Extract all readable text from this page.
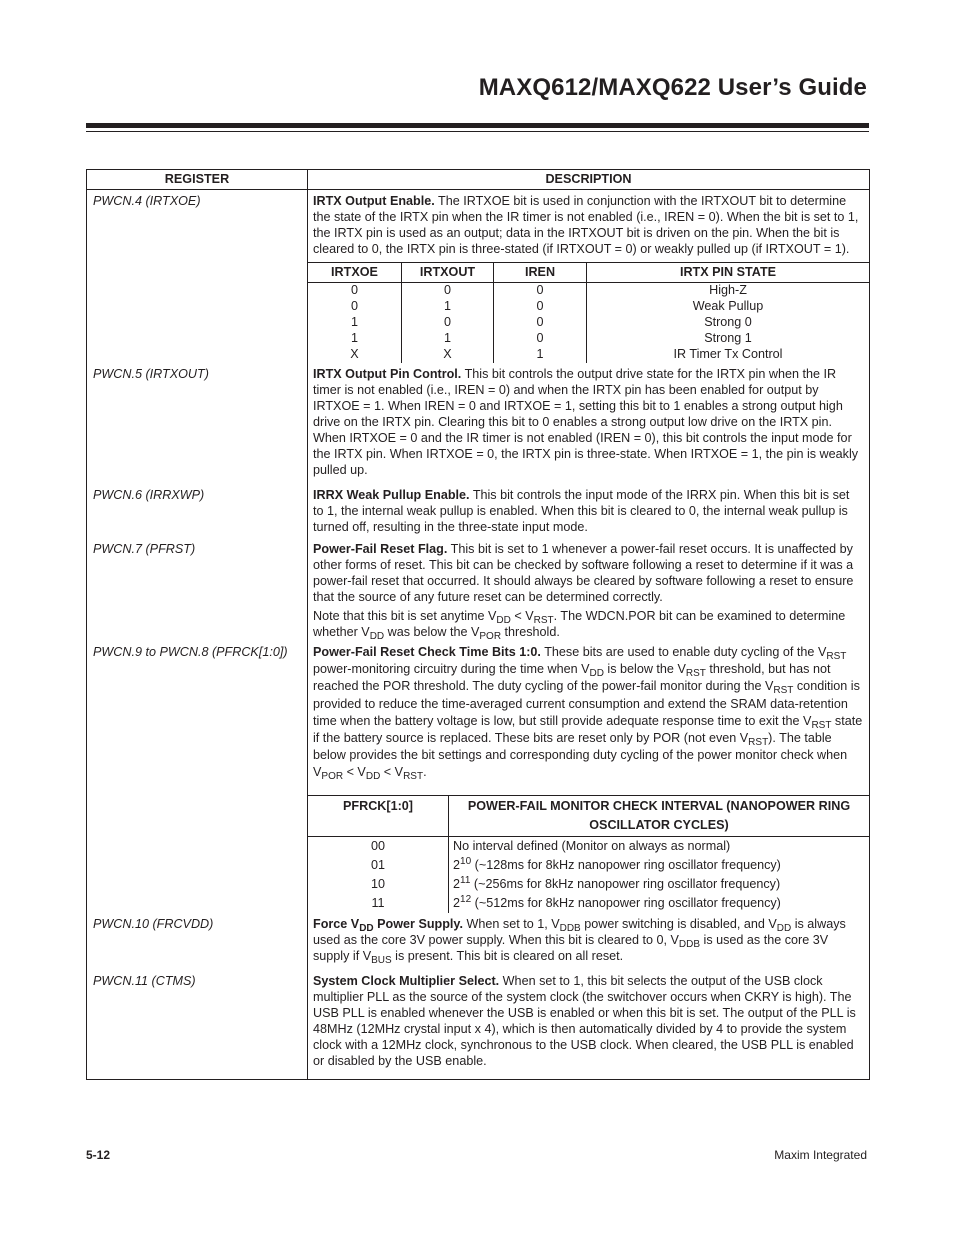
MAXQ612/MAXQ622 User’s Guide
REGISTER	DESCRIPTION
PWCN.4 (IRTXOE)	IRTX Output Enable. The IRTXOE bit is used in conjunction with the IRTXOUT bit to determine the state of the IRTX pin when the IR timer is not enabled (i.e., IREN = 0). When the bit is set to 1, the IRTX pin is used as an output; data in the IRTXOUT bit is driven on the pin. When the bit is cleared to 0, the IRTX pin is three-stated (if IRTXOUT = 0) or weakly pulled up (if IRTXOUT = 1).

IRTXOE	IRTXOUT	IREN	IRTX PIN STATE
0	0	0	High-Z
0	1	0	Weak Pullup
1	0	0	Strong 0
1	1	0	Strong 1
X	X	1	IR Timer Tx Control

PWCN.5 (IRTXOUT)	IRTX Output Pin Control. This bit controls the output drive state for the IRTX pin when the IR timer is not enabled (i.e., IREN = 0) and when the IRTX pin has been enabled for output by IRTXOE = 1. When IREN = 0 and IRTXOE = 1, setting this bit to 1 enables a strong output high drive on the IRTX pin. Clearing this bit to 0 enables a strong output low drive on the IRTX pin. When IRTXOE = 0 and the IR timer is not enabled (IREN = 0), this bit controls the input mode for the IRTX pin. When IRTXOE = 0, the IRTX pin is three-state. When IRTXOE = 1, the pin is weakly pulled up.

PWCN.6 (IRRXWP)	IRRX Weak Pullup Enable. This bit controls the input mode of the IRRX pin. When this bit is set to 1, the internal weak pullup is enabled. When this bit is cleared to 0, the internal weak pullup is turned off, resulting in the three-state input mode.

PWCN.7 (PFRST)	Power-Fail Reset Flag. This bit is set to 1 whenever a power-fail reset occurs. It is unaffected by other forms of reset. This bit can be checked by software following a reset to determine if it was a power-fail reset that occurred. It should always be cleared by software following a reset to ensure that the source of any future reset can be determined correctly.

Note that this bit is set anytime $V_{DD} < V_{RST}$. The WDCN.POR bit can be examined to determine whether $V_{DD}$ was below the $V_{POR}$ threshold.

PWCN.9 to PWCN.8 (PFRCK[1:0])	Power-Fail Reset Check Time Bits 1:0. These bits are used to enable duty cycling of the $V_{RST}$ power-monitoring circuitry during the time when $V_{DD}$ is below the $V_{RST}$ threshold, but has not reached the POR threshold. The duty cycling of the power-fail monitor during the $V_{RST}$ condition is provided to reduce the time-averaged current consumption and extend the SRAM data-retention time when the battery voltage is low, but still provide adequate response time to exit the $V_{RST}$ state if the battery source is replaced. These bits are reset only by POR (not even $V_{RST}$). The table below provides the bit settings and corresponding duty cycling of the power monitor check when $V_{POR} < V_{DD} < V_{RST}$.

PFRCK[1:0]	POWER-FAIL MONITOR CHECK INTERVAL (NANOPOWER RING OSCILLATOR CYCLES)
00	No interval defined (Monitor on always as normal)
01	$2^{10}$ (~128ms for 8kHz nanopower ring oscillator frequency)
10	$2^{11}$ (~256ms for 8kHz nanopower ring oscillator frequency)
11	$2^{12}$ (~512ms for 8kHz nanopower ring oscillator frequency)

PWCN.10 (FRCVDD)	Force $V_{DD}$ Power Supply. When set to 1, $V_{DDB}$ power switching is disabled, and $V_{DD}$ is always used as the core 3V power supply. When this bit is cleared to 0, $V_{DDB}$ is used as the core 3V supply if $V_{BUS}$ is present. This bit is cleared on all reset.

PWCN.11 (CTMS)	System Clock Multiplier Select. When set to 1, this bit selects the output of the USB clock multiplier PLL as the source of the system clock (the switchover occurs when CKRY is high). The USB PLL is enabled whenever the USB is enabled or when this bit is set. The output of the PLL is 48MHz (12MHz crystal input x 4), which is then automatically divided by 4 to provide the system clock with a 12MHz clock, synchronous to the USB clock. When cleared, the USB PLL is enabled or disabled by the USB enable.

5-12	Maxim Integrated
